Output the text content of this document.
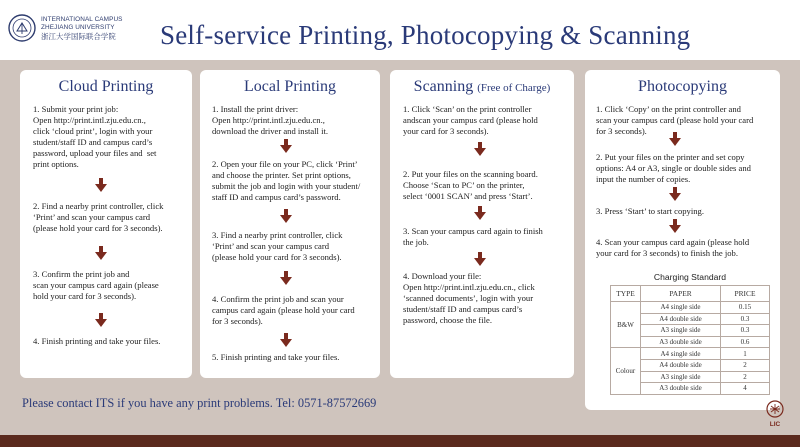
INTERNATIONAL CAMPUS
ZHEJIANG UNIVERSITY
浙江大学国际联合学院 Self-service Printing, Photocopying & Scanning
Cloud Printing
1. Submit your print job:
Open http://print.intl.zju.edu.cn.,
click ‘cloud print’, login with your
student/staff ID and campus card’s
password, upload your files and  set
print options.
2. Find a nearby print controller, click
‘Print’ and scan your campus card
(please hold your card for 3 seconds).
3. Confirm the print job and
scan your campus card again (please
hold your card for 3 seconds).
4. Finish printing and take your files.
Local Printing
1. Install the print driver:
Open http://print.intl.zju.edu.cn.,
download the driver and install it.
2. Open your file on your PC, click ‘Print’
and choose the printer. Set print options,
submit the job and login with your student/
staff ID and campus card’s password.
3. Find a nearby print controller, click
‘Print’ and scan your campus card
(please hold your card for 3 seconds).
4. Confirm the print job and scan your
campus card again (please hold your card
for 3 seconds).
5. Finish printing and take your files.
Scanning (Free of Charge)
1. Click ‘Scan’ on the print controller
andscan your campus card (please hold
your card for 3 seconds).
2. Put your files on the scanning board.
Choose ‘Scan to PC’ on the printer,
select ‘0001 SCAN’ and press ‘Start’.
3. Scan your campus card again to finish
the job.
4. Download your file:
Open http://print.intl.zju.edu.cn., click
‘scanned documents’, login with your
student/staff ID and campus card’s
password, choose the file.
Photocopying
1. Click ‘Copy’ on the print controller and
scan your campus card (please hold your card
for 3 seconds).
2. Put your files on the printer and set copy
options: A4 or A3, single or double sides and
input the number of copies.
3. Press ‘Start’ to start copying.
4. Scan your campus card again (please hold
your card for 3 seconds) to finish the job.
Charging Standard
TYPE	PAPER	PRICE
B&W	A4 single side	0.15
	A4 double side	0.3
	A3 single side	0.3
	A3 double side	0.6
Colour	A4 single side	1
	A4 double side	2
	A3 single side	2
	A3 double side	4
Please contact ITS if you have any print problems. Tel: 0571-87572669
LIC
